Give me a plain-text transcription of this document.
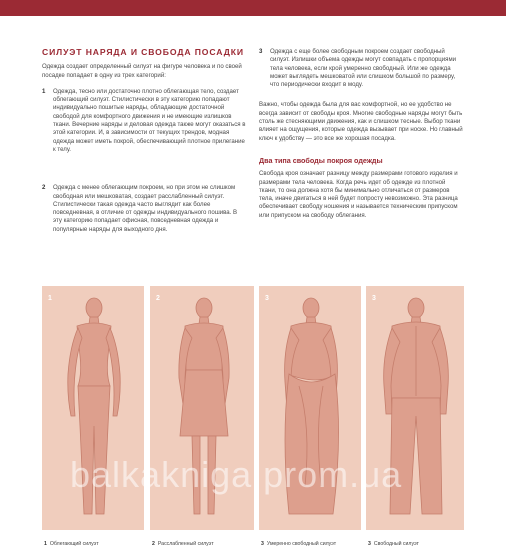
СИЛУЭТ НАРЯДА И СВОБОДА ПОСАДКИ

Одежда создает определенный силуэт на фигуре человека и по своей посадке попадает в одну из трех категорий:

1	Одежда, тесно или достаточно плотно облегающая тело, создает облегающий силуэт. Стилистически в эту категорию попадают индивидуально пошитые наряды, обладающие достаточной свободой для комфортного движения и не имеющие излишков ткани. Вечерние наряды и деловая одежда также могут оказаться в этой категории. И, в зависимости от текущих трендов, модная одежда может иметь покрой, обеспечивающий плотное прилегание к телу.
2	Одежда с менее облегающим покроем, но при этом не слишком свободная или мешковатая, создает расслабленный силуэт. Стилистически такая одежда часто выглядит как более повседневная, в отличие от одежды индивидуального пошива. В эту категорию попадает офисная, повседневная одежда и популярные наряды для выходного дня.
3	Одежда с еще более свободным покроем создает свободный силуэт. Излишки объема одежды могут совпадать с пропорциями тела человека, если крой умеренно свободный. Или же одежда может выглядеть мешковатой или слишком большой по размеру, что периодически входит в моду.

Важно, чтобы одежда была для вас комфортной, но ее удобство не всегда зависит от свободы кроя. Многие свободные наряды могут быть столь же стесняющими движения, как и слишком тесные. Выбор ткани влияет на ощущения, которые одежда вызывает при носке. Но главный ключ к удобству — это все же хорошая посадка.

Два типа свободы покроя одежды

Свобода кроя означает разницу между размерами готового изделия и размерами тела человека. Когда речь идет об одежде из плотной ткани, то она должна хотя бы минимально отличаться от размеров тела, иначе двигаться в ней будет попросту невозможно. Эта разница обеспечивает свободу ношения и называется техническим припуском или припуском на свободу облегания.

1	2	3	3
balkakniga.prom.ua
1 Облегающий силуэт	2 Расслабленный силуэт	3 Умеренно свободный силуэт	3 Свободный силуэт
